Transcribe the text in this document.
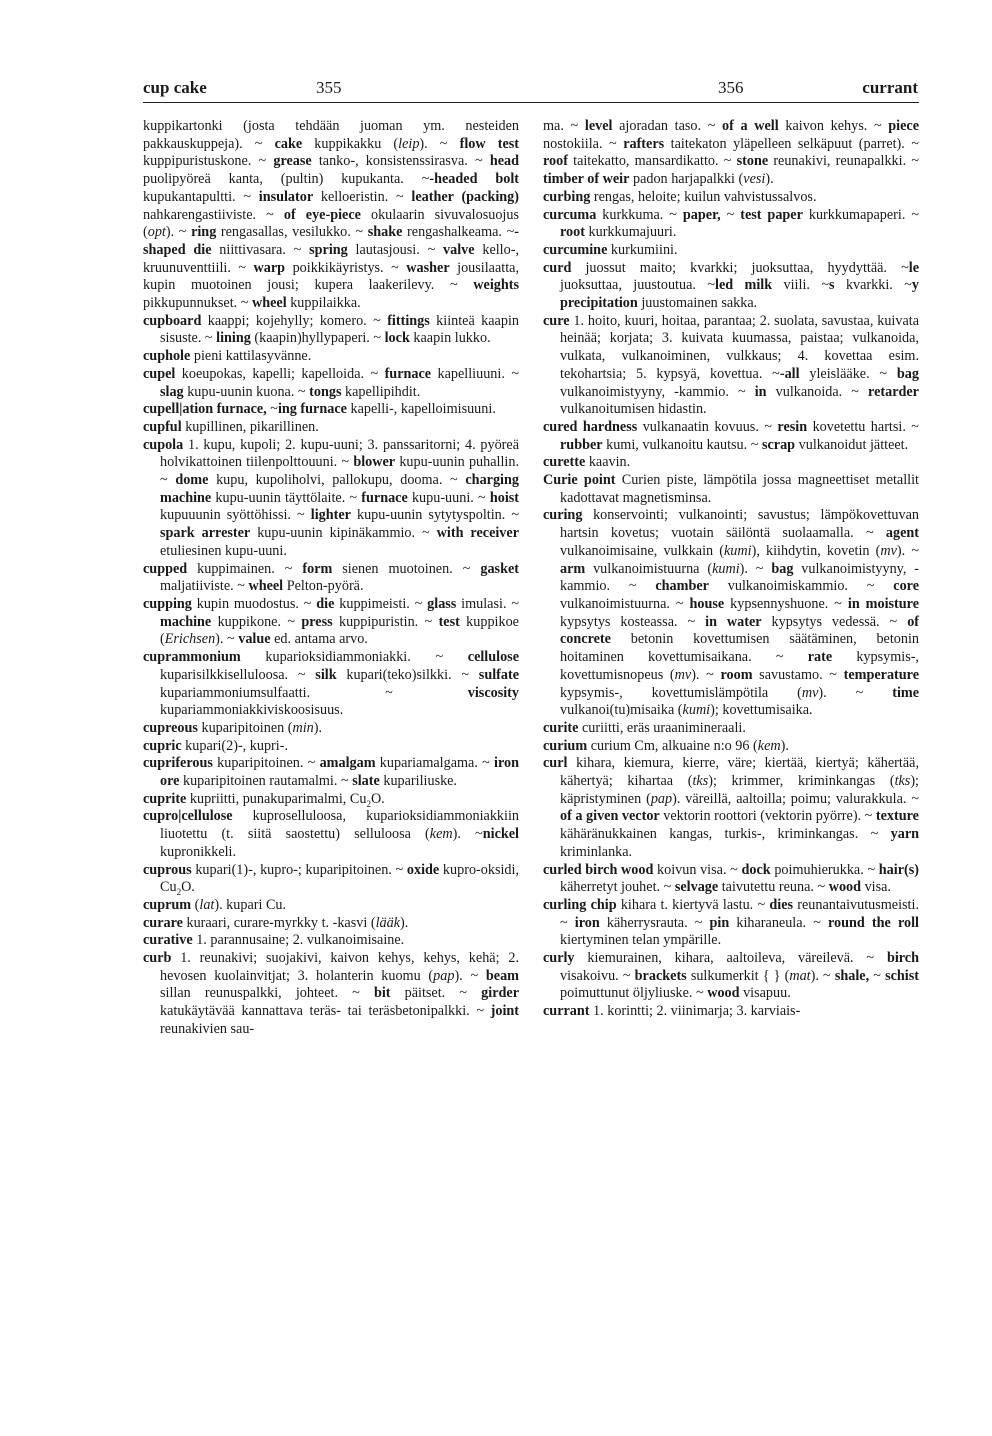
cup cake	355	356	currant

kuppikartonki (josta tehdään juoman ym. nesteiden pakkauskuppeja). ~ cake kuppikakku (leip). ~ flow test kuppipuristuskone. ~ grease tanko-, konsistenssirasva. ~ head puolipyöreä kanta, (pultin) kupukanta. ~-headed bolt kupukantapultti. ~ insulator kellоeristin. ~ leather (packing) nahkarengastiiviste. ~ of eye-piece okulaarin sivuvalosuojus (opt). ~ ring rengasallas, vesilukko. ~ shake rengashalkeama. ~-shaped die niittivasara. ~ spring lautasjousi. ~ valve kello-, kruunuventtiili. ~ warp poikkikäyristys. ~ washer jousilaatta, kupin muotoinen jousi; kupera laakerilevy. ~ weights pikkupunnukset. ~ wheel kuppilaikka.

cupboard kaappi; kojehylly; komero. ~ fittings kiinteä kaapin sisuste. ~ lining (kaapin)hyllypaperi. ~ lock kaapin lukko.

cuphole pieni kattilasyvänne.

cupel koeupokas, kapelli; kapelloida. ~ furnace kapelliuuni. ~ slag kupu-uunin kuona. ~ tongs kapellipihdit.

cupell|ation furnace, ~ing furnace kapelli-, kapelloimisuuni.

cupful kupillinen, pikarillinen.

cupola 1. kupu, kupoli; 2. kupu-uuni; 3. panssaritorni; 4. pyöreä holvikattoinen tiilenpolttouuni. ~ blower kupu-uunin puhallin. ~ dome kupu, kupoliholvi, pallokupu, dooma. ~ charging machine kupu-uunin täyttölaite. ~ furnace kupu-uuni. ~ hoist kupuuunin syöttöhissi. ~ lighter kupu-uunin sytytyspoltin. ~ spark arrester kupu-uunin kipinäkammio. ~ with receiver etuliesinen kupu-uuni.

cupped kuppimainen. ~ form sienen muotoinen. ~ gasket maljatiiviste. ~ wheel Pelton-pyörä.

cupping kupin muodostus. ~ die kuppimeisti. ~ glass imulasi. ~ machine kuppikone. ~ press kuppipuristin. ~ test kuppikoe (Erichsen). ~ value ed. antama arvo.

cuprammonium kuparioksidiammoniakki. ~ cellulose kuparisilkkiselluloosa. ~ silk kupari(teko)silkki. ~ sulfate kupariammoniumsulfaatti. ~ viscosity kupariammoniakkiviskoosisuus.

cupreous kuparipitoinen (min).

cupric kupari(2)-, kupri-.

cupriferous kuparipitoinen. ~ amalgam kupariamalgama. ~ iron ore kuparipitoinen rautamalmi. ~ slate kupariliuske.

cuprite kupriitti, punakuparimalmi, $Cu_2O$.

cupro|cellulose kuproselluloosa, kuparioksidiammoniakkiin liuotettu (t. siitä saostettu) selluloosa (kem). ~nickel kupronikkeli.

cuprous kupari(1)-, kupro-; kuparipitoinen. ~ oxide kupro-oksidi, $Cu_2O$.

cuprum (lat). kupari Cu.

curare kuraari, curare-myrkky t. -kasvi (lääk).

curative 1. parannusaine; 2. vulkanoimisaine.

curb 1. reunakivi; suojakivi, kaivon kehys, kehys, kehä; 2. hevosen kuolainvitjat; 3. holanterin kuomu (pap). ~ beam sillan reunuspalkki, johteet. ~ bit päitset. ~ girder katukäytävää kannattava teräs- tai teräsbetonipalkki. ~ joint reunakivien sau-

ma. ~ level ajoradan taso. ~ of a well kaivon kehys. ~ piece nostokiila. ~ rafters taitekaton yläpelleen selkäpuut (parret). ~ roof taitekatto, mansardikatto. ~ stone reunakivi, reunapalkki. ~ timber of weir padon harjapalkki (vesi).

curbing rengas, heloite; kuilun vahvistussalvos.

curcuma kurkkuma. ~ paper, ~ test paper kurkkumapaperi. ~ root kurkkumajuuri.

curcumine kurkumiini.

curd juossut maito; kvarkki; juoksuttaa, hyydyttää. ~le juoksuttaa, juustoutua. ~led milk viili. ~s kvarkki. ~y precipitation juustomainen sakka.

cure 1. hoito, kuuri, hoitaa, parantaa; 2. suolata, savustaa, kuivata heinää; korjata; 3. kuivata kuumassa, paistaa; vulkanoida, vulkata, vulkanoiminen, vulkkaus; 4. kovettaa esim. tekohartsia; 5. kypsyä, kovettua. ~-all yleislääke. ~ bag vulkanoimistyyny, -kammio. ~ in vulkanoida. ~ retarder vulkanoitumisen hidastin.

cured hardness vulkanaatin kovuus. ~ resin kovetettu hartsi. ~ rubber kumi, vulkanoitu kautsu. ~ scrap vulkanoidut jätteet.

curette kaavin.

Curie point Curien piste, lämpötila jossa magneettiset metallit kadottavat magnetisminsa.

curing konservointi; vulkanointi; savustus; lämpökovettuvan hartsin kovetus; vuotain säilöntä suolaamalla. ~ agent vulkanoimisaine, vulkkain (kumi), kiihdytin, kovetin (mv). ~ arm vulkanoimistuurna (kumi). ~ bag vulkanoimistyyny, -kammio. ~ chamber vulkanoimiskammio. ~ core vulkanoimistuurna. ~ house kypsennyshuone. ~ in moisture kypsytys kosteassa. ~ in water kypsytys vedessä. ~ of concrete betonin kovettumisen säätäminen, betonin hoitaminen kovettumisaikana. ~ rate kypsymis-, kovettumisnopeus (mv). ~ room savustamo. ~ temperature kypsymis-, kovettumislämpötila (mv). ~ time vulkanoi(tu)misaika (kumi); kovettumisaika.

curite curiitti, eräs uraanimineraali.

curium curium Cm, alkuaine n:o 96 (kem).

curl kihara, kiemura, kierre, väre; kiertää, kiertyä; kähertää, kähertyä; kihartaa (tks); krimmer, kriminkangas (tks); käpristyminen (pap). väreillä, aaltoilla; poimu; valurakkula. ~ of a given vector vektorin roottori (vektorin pyörre). ~ texture kähäränukkainen kangas, turkis-, kriminkangas. ~ yarn kriminlanka.

curled birch wood koivun visa. ~ dock poimuhierukka. ~ hair(s) käherretyt jouhet. ~ selvage taivutettu reuna. ~ wood visa.

curling chip kihara t. kiertyvä lastu. ~ dies reunantaivutusmeisti. ~ iron käherrysrauta. ~ pin kiharaneula. ~ round the roll kiertyminen telan ympärille.

curly kiemurainen, kihara, aaltoileva, väreilevä. ~ birch visakoivu. ~ brackets sulkumerkit { } (mat). ~ shale, ~ schist poimuttunut öljyliuske. ~ wood visapuu.

currant 1. korintti; 2. viinimarja; 3. karviais-
